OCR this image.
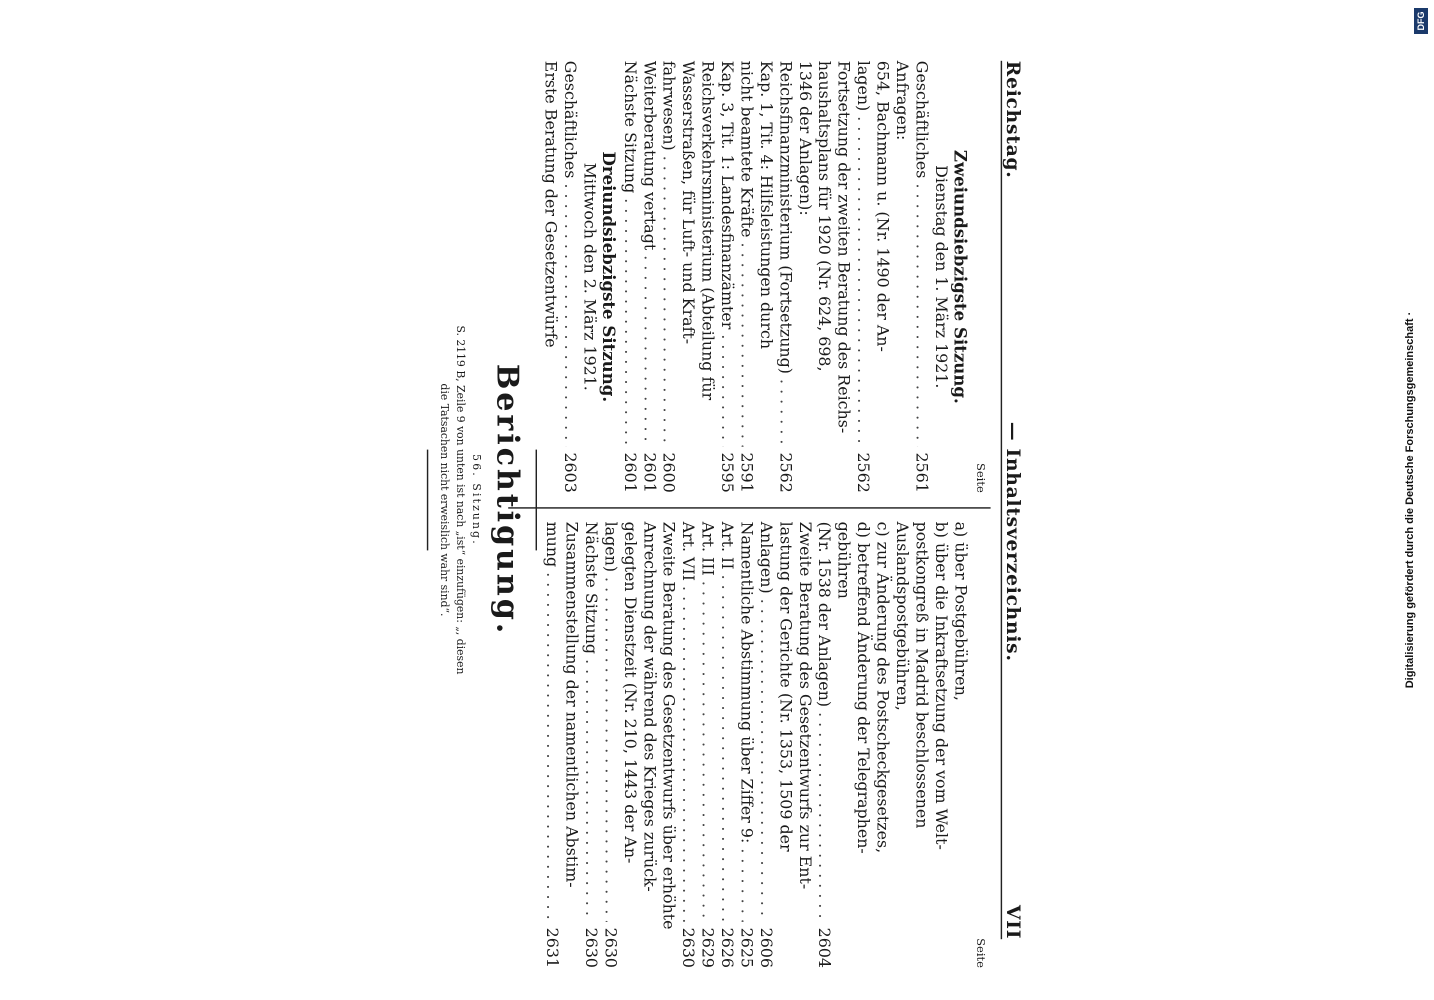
Reichstag.
— Inhaltsverzeichnis.
VII
Seite
Zweiundsiebzigste Sitzung.
Dienstag den 1. März 1921.
Geschäftliches . . .
2561
Anfragen:
654, Bachmann u. (Nr. 1490 der An-
lagen) . . .
2562
Fortsetzung der zweiten Beratung des Reichs-
haushaltsplans für 1920 (Nr. 624, 698,
1346 der Anlagen):
Reichsfinanzministerium (Fortsetzung) . . .
2562
Kap. 1, Tit. 4: Hilfsleistungen durch
nicht beamtete Kräfte . . .
2591
Kap. 3, Tit. 1: Landesfinanzämter . . .
2595
Reichsverkehrsministerium (Abteilung für
Wasserstraßen, für Luft- und Kraft-
fahrwesen) . . .
2600
Weiterberatung vertagt . . .
2601
Nächste Sitzung . . .
2601
Dreiundsiebzigste Sitzung.
Mittwoch den 2. März 1921.
Geschäftliches . . .
2603
Erste Beratung der Gesetzentwürfe
Seite
a) über Postgebühren,
b) über die Inkraftsetzung der vom Welt-
postkongreß in Madrid beschlossenen
Auslandspostgebühren,
c) zur Änderung des Postscheckgesetzes,
d) betreffend Änderung der Telegraphen-
gebühren
(Nr. 1538 der Anlagen) . . .
2604
Zweite Beratung des Gesetzentwurfs zur Ent-
lastung der Gerichte (Nr. 1353, 1509 der
Anlagen) . . .
2606
Namentliche Abstimmung über Ziffer 9: . . .
2625
Art. II . . .
2626
Art. III . . .
2629
Art. VII . . .
2630
Zweite Beratung des Gesetzentwurfs über erhöhte
Anrechnung der während des Krieges zurück-
gelegten Dienstzeit (Nr. 210, 1443 der An-
lagen) . . .
2630
Nächste Sitzung . . .
2630
Zusammenstellung der namentlichen Abstim-
mung . . .
2631
Berichtigung.
56. Sitzung.
S. 2119 B, Zeile 9 von unten ist nach „ist“ einzufügen: „, diesen
die Tatsachen nicht erweislich wahr sind“.	Digitalisierung gefördert durch die Deutsche Forschungsgemeinschaft ·
DFG
